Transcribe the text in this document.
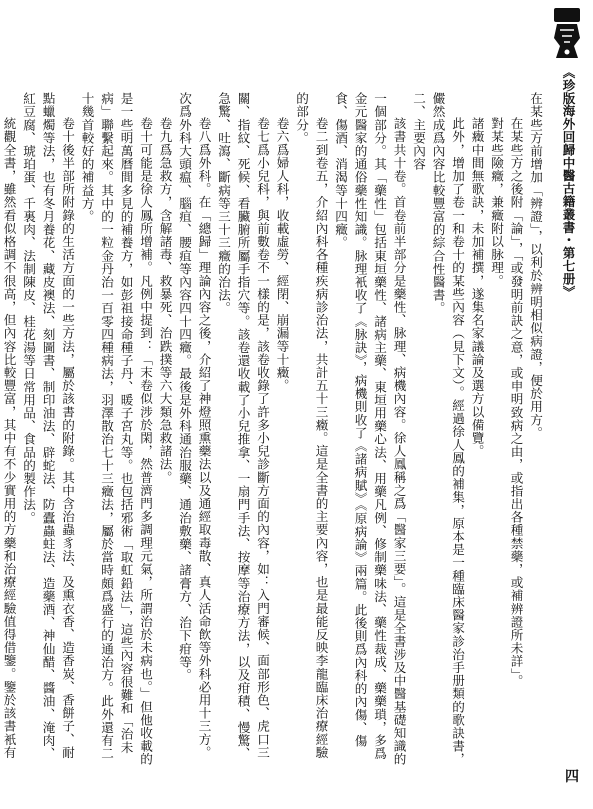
《珍版海外回歸中醫古籍叢書・第七册》

在某些方前增加「辨證」，以利於辨明相似病證，便於用方。

在某些方之後附「論」，「或發明前訣之意，或申明致病之由，或指出各種禁藥，或補辨證所未詳」。

對某些險癥，兼癥附以脉理。

諸癥中間無歌訣，未加補撰，遂集名家議論及選方以備覽。

此外，增加了卷一和卷十的某些內容（見下文）。經過徐人鳳的補集，原本是一種臨床醫家診治手册類的歌訣書，儼然成爲內容比較豐富的綜合性醫書。

二、主要內容

該書共十卷。首卷前半部分是藥性、脉理、病機內容。徐人鳳稱之爲「醫家三要」。這是全書涉及中醫基礎知識的一個部分。其「藥性」包括東垣藥性、諸病主藥、東垣用藥心法、用藥凡例、修制藥味法、藥性裁成、藥藥瑣，多爲金元醫家的通俗藥性知識。脉理衹收了《脉訣》，病機則收了《諸病賦》《原病論》兩篇。此後則爲內科的內傷、傷食、傷酒、消渴等十四癥。

卷二到卷五，介紹內科各種疾病診治法，共計五十三癥。這是全書的主要內容，也是最能反映李龍臨床治療經驗的部分。

卷六爲婦人科，收載虛勞、經閉、崩漏等十癥。

卷七爲小兒科，與前數卷不一樣的是，該卷收錄了許多小兒診斷方面的內容，如：入門審候、面部形色、虎口三關、指紋、死候、看臟腑所屬手指穴等。該卷還收載了小兒推拿、一扇門手法、按摩等治療方法，以及疳積、慢驚、急驚、吐瀉、斷病等三十三癥的治法。

卷八爲外科。在「總歸」理論內容之後，介紹了神燈照熏藥法以及通經取毒散、真人活命飲等外科必用十三方。次爲外科大頭瘟、腦疽、腰疽等內容四十四癥。最後是外科通治服藥、通治敷藥、諸膏方、治下疳等。

卷九爲急救方，含解諸毒、救暴死、治跌撲等六大類急救諸法。

卷十可能是徐人鳳所增補。凡例中提到：「末卷似涉於閑，然普濟門多調理元氣，所謂治於未病也。」但他收載的是一些明萬曆間多見的補養方，如彭祖接命種子丹、暖子宮丸等。也包括邪術「取虹鉛法」，這些內容很難和「治未病」聯繫起來。其中的一粒金丹治一百零四種病法，羽澤散治七十三癥法，屬於當時頗爲盛行的通治方。此外還有二十幾首較好的補益方。

卷十後半部所附錄的生活方面的一些方法，屬於該書的附錄。其中含治蟲豸法、及熏衣香、造香炭、香餅子、耐點蠟燭等法，也有冬月養花、藏皮襖法、刻圖書、制印油法、辟蛇法、防蠹蟲蛀法、造藥酒、神仙醋、醬油、淹肉、紅豆腐、琥珀蛋、千裏肉、法制陳皮、桂花湯等日常用品、食品的製作法。

統觀全書，雖然看似格調不很高，但內容比較豐富，其中有不少實用的方藥和治療經驗值得借鑒。鑒於該書衹有

四
